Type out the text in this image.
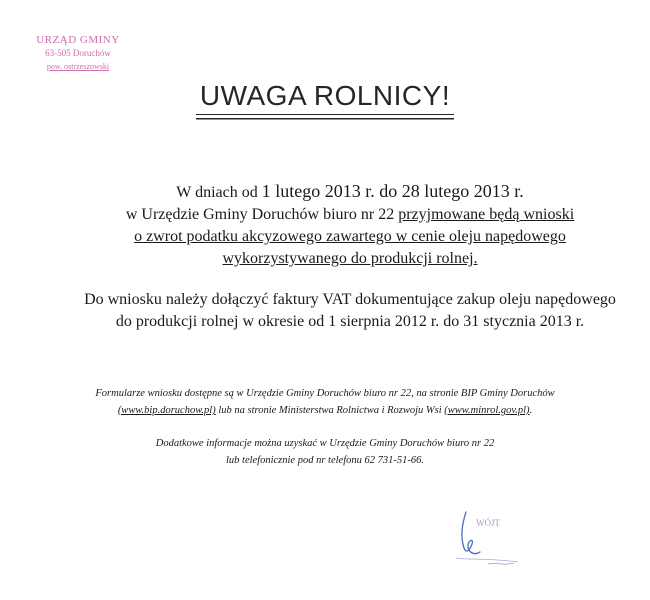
URZĄD GMINY
63-505 Doruchów
pow. ostrzeszowski
UWAGA ROLNICY!
W dniach od 1 lutego 2013 r. do 28 lutego 2013 r.
w Urzędzie Gminy Doruchów biuro nr 22 przyjmowane będą wnioski
o zwrot podatku akcyzowego zawartego w cenie oleju napędowego
wykorzystywanego do produkcji rolnej.
Do wniosku należy dołączyć faktury VAT dokumentujące zakup oleju napędowego
do produkcji rolnej w okresie od 1 sierpnia 2012 r. do 31 stycznia 2013 r.
Formularze wniosku dostępne są w Urzędzie Gminy Doruchów biuro nr 22, na stronie BIP Gminy Doruchów
(www.bip.doruchow.pl) lub na stronie Ministerstwa Rolnictwa i Rozwoju Wsi (www.minrol.gov.pl).
Dodatkowe informacje można uzyskać w Urzędzie Gminy Doruchów biuro nr 22
lub telefonicznie pod nr telefonu 62 731-51-66.
WÓJT
